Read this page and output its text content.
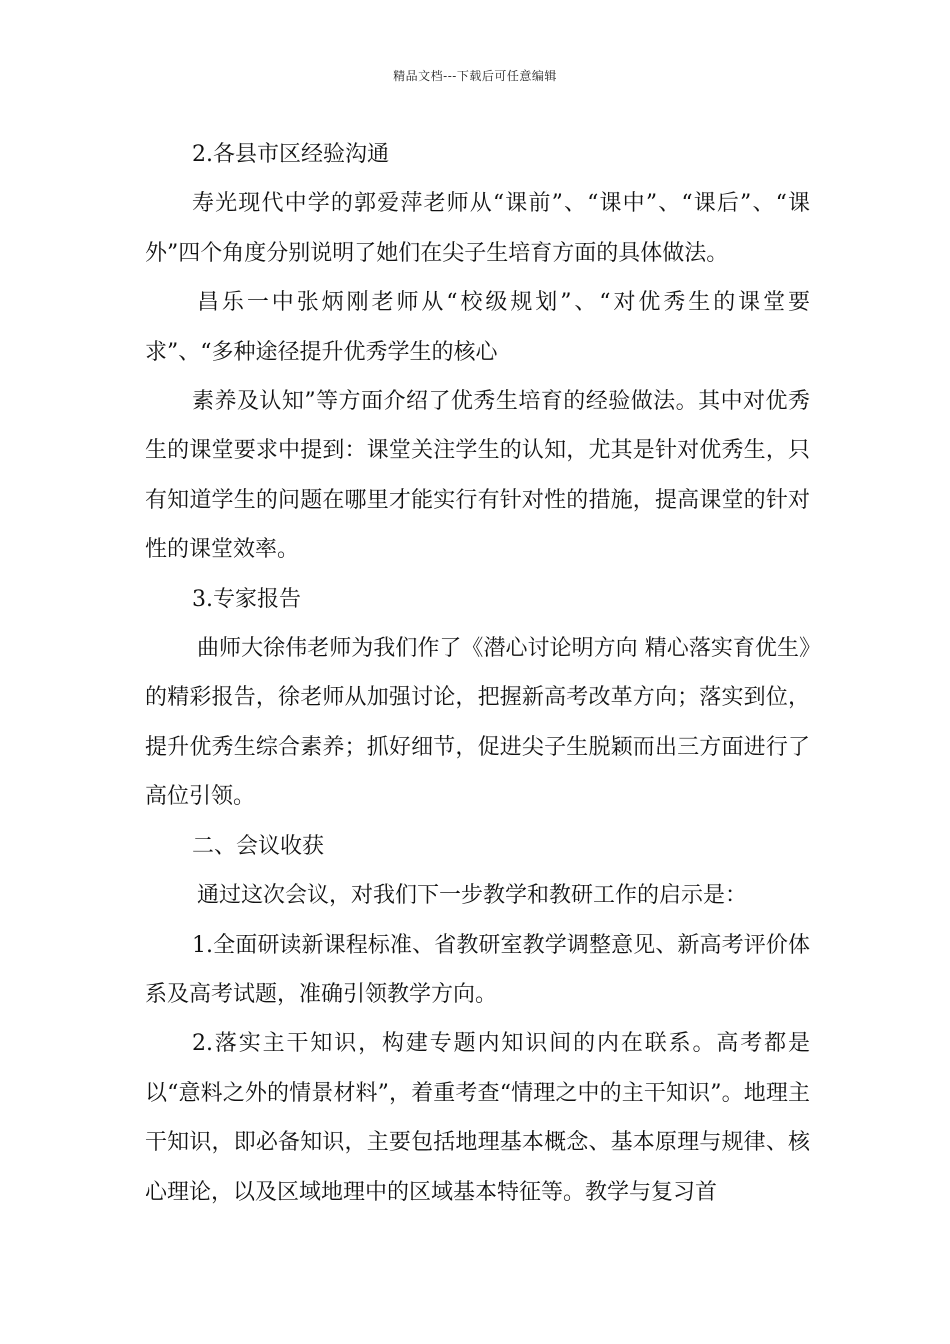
精品文档---下载后可任意编辑

2.各县市区经验沟通

寿光现代中学的郭爱萍老师从“课前”、“课中”、“课后”、“课外”四个角度分别说明了她们在尖子生培育方面的具体做法。

昌乐一中张炳刚老师从“校级规划”、“对优秀生的课堂要求”、“多种途径提升优秀学生的核心

素养及认知”等方面介绍了优秀生培育的经验做法。其中对优秀生的课堂要求中提到：课堂关注学生的认知，尤其是针对优秀生，只有知道学生的问题在哪里才能实行有针对性的措施，提高课堂的针对性的课堂效率。

3.专家报告

曲师大徐伟老师为我们作了《潜心讨论明方向 精心落实育优生》的精彩报告，徐老师从加强讨论，把握新高考改革方向；落实到位，提升优秀生综合素养；抓好细节，促进尖子生脱颖而出三方面进行了高位引领。

二、会议收获

通过这次会议，对我们下一步教学和教研工作的启示是：

1.全面研读新课程标准、省教研室教学调整意见、新高考评价体系及高考试题，准确引领教学方向。

2.落实主干知识，构建专题内知识间的内在联系。高考都是以“意料之外的情景材料”，着重考查“情理之中的主干知识”。地理主干知识，即必备知识，主要包括地理基本概念、基本原理与规律、核心理论，以及区域地理中的区域基本特征等。教学与复习首
